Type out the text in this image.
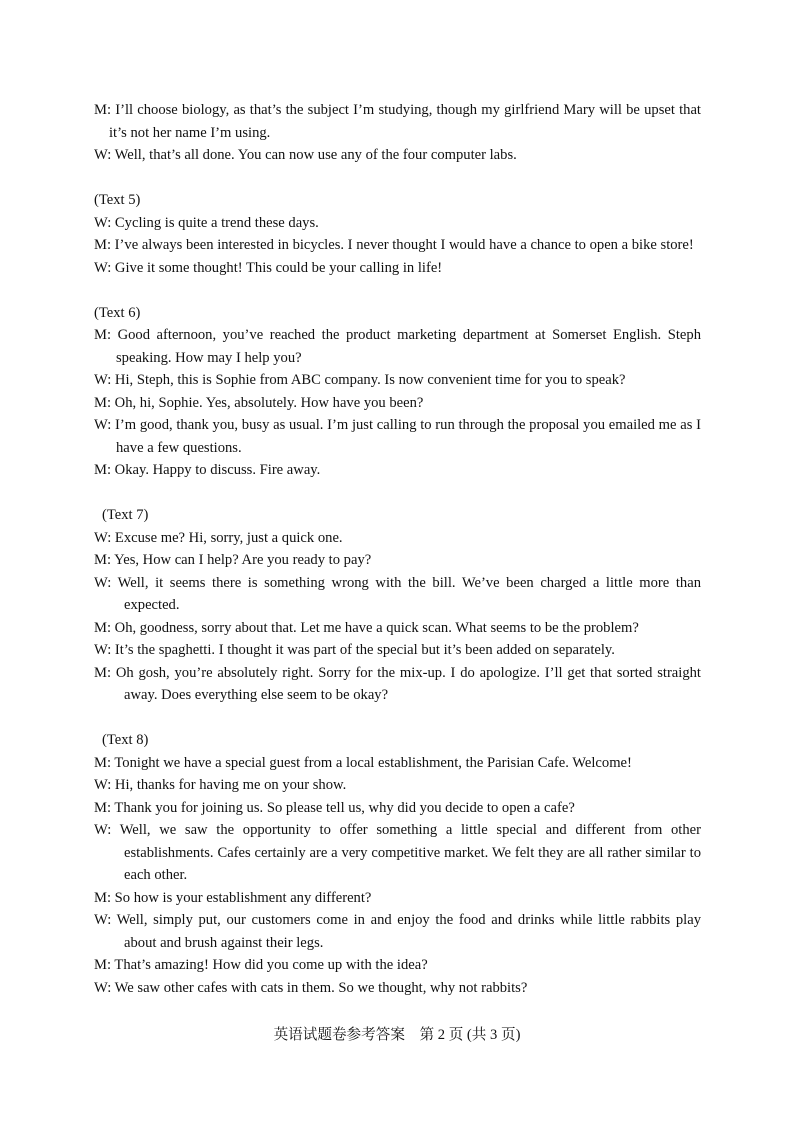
M: I’ll choose biology, as that’s the subject I’m studying, though my girlfriend Mary will be upset that it’s not her name I’m using.

W: Well, that’s all done. You can now use any of the four computer labs.

(Text 5)

W: Cycling is quite a trend these days.

M: I’ve always been interested in bicycles. I never thought I would have a chance to open a bike store!

W: Give it some thought! This could be your calling in life!

(Text 6)

M: Good afternoon, you’ve reached the product marketing department at Somerset English. Steph speaking. How may I help you?

W: Hi, Steph, this is Sophie from ABC company. Is now convenient time for you to speak?

M: Oh, hi, Sophie. Yes, absolutely. How have you been?

W: I’m good, thank you, busy as usual. I’m just calling to run through the proposal you emailed me as I have a few questions.

M: Okay. Happy to discuss. Fire away.

(Text 7)

W: Excuse me? Hi, sorry, just a quick one.

M: Yes, How can I help? Are you ready to pay?

W: Well, it seems there is something wrong with the bill. We’ve been charged a little more than expected.

M: Oh, goodness, sorry about that. Let me have a quick scan. What seems to be the problem?

W: It’s the spaghetti. I thought it was part of the special but it’s been added on separately.

M: Oh gosh, you’re absolutely right. Sorry for the mix-up. I do apologize. I’ll get that sorted straight away. Does everything else seem to be okay?

(Text 8)

M: Tonight we have a special guest from a local establishment, the Parisian Cafe. Welcome!

W: Hi, thanks for having me on your show.

M: Thank you for joining us. So please tell us, why did you decide to open a cafe?

W: Well, we saw the opportunity to offer something a little special and different from other establishments. Cafes certainly are a very competitive market. We felt they are all rather similar to each other.

M: So how is your establishment any different?

W: Well, simply put, our customers come in and enjoy the food and drinks while little rabbits play about and brush against their legs.

M: That’s amazing! How did you come up with the idea?

W: We saw other cafes with cats in them. So we thought, why not rabbits?

英语试题卷参考答案　第 2 页 (共 3 页)
